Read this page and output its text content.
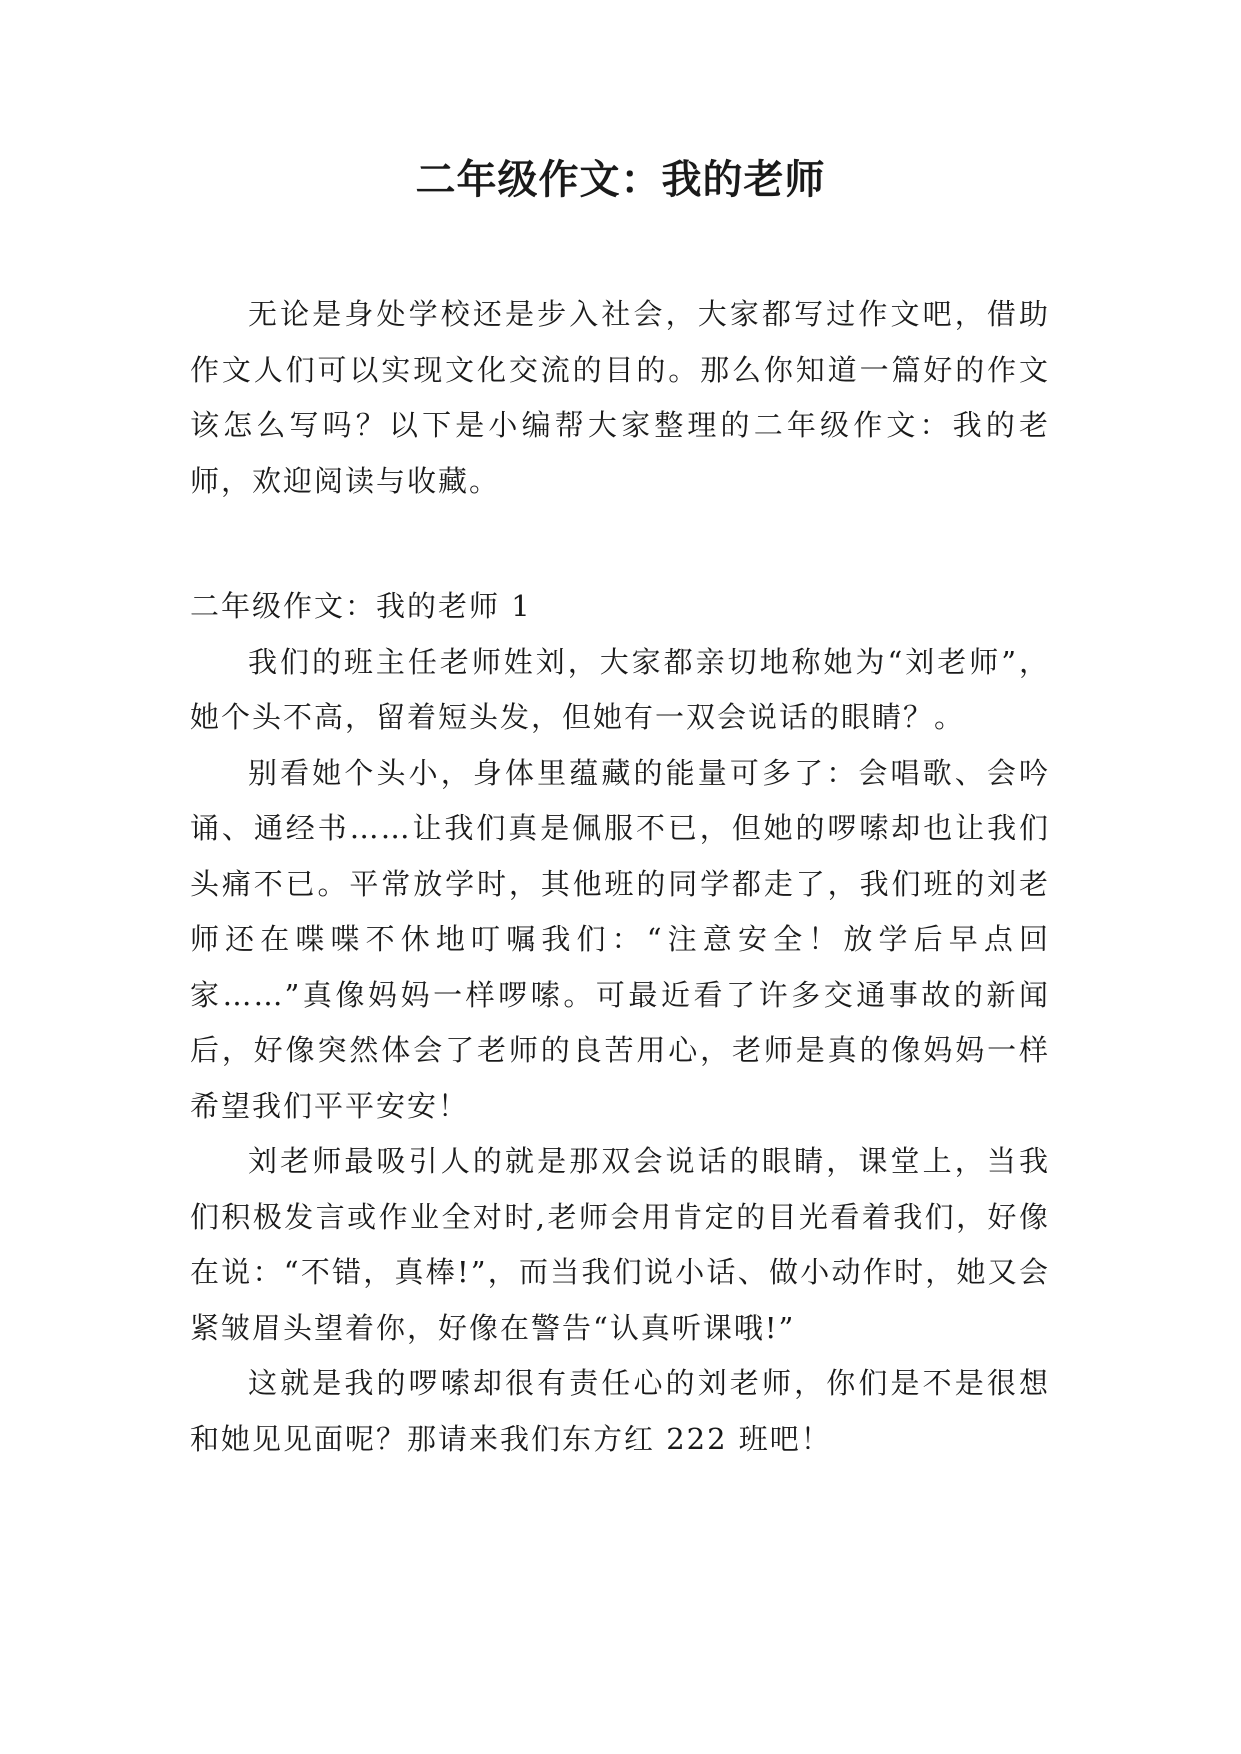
二年级作文：我的老师

无论是身处学校还是步入社会，大家都写过作文吧，借助作文人们可以实现文化交流的目的。那么你知道一篇好的作文该怎么写吗？以下是小编帮大家整理的二年级作文：我的老师，欢迎阅读与收藏。

二年级作文：我的老师 1

我们的班主任老师姓刘，大家都亲切地称她为“刘老师”，她个头不高，留着短头发，但她有一双会说话的眼睛？。

别看她个头小，身体里蕴藏的能量可多了：会唱歌、会吟诵、通经书……让我们真是佩服不已，但她的啰嗦却也让我们头痛不已。平常放学时，其他班的同学都走了，我们班的刘老师还在喋喋不休地叮嘱我们：“注意安全！放学后早点回家……”真像妈妈一样啰嗦。可最近看了许多交通事故的新闻后，好像突然体会了老师的良苦用心，老师是真的像妈妈一样希望我们平平安安！

刘老师最吸引人的就是那双会说话的眼睛，课堂上，当我们积极发言或作业全对时,老师会用肯定的目光看着我们，好像在说：“不错，真棒!”，而当我们说小话、做小动作时，她又会紧皱眉头望着你，好像在警告“认真听课哦!”

这就是我的啰嗦却很有责任心的刘老师，你们是不是很想和她见见面呢？那请来我们东方红 222 班吧！
